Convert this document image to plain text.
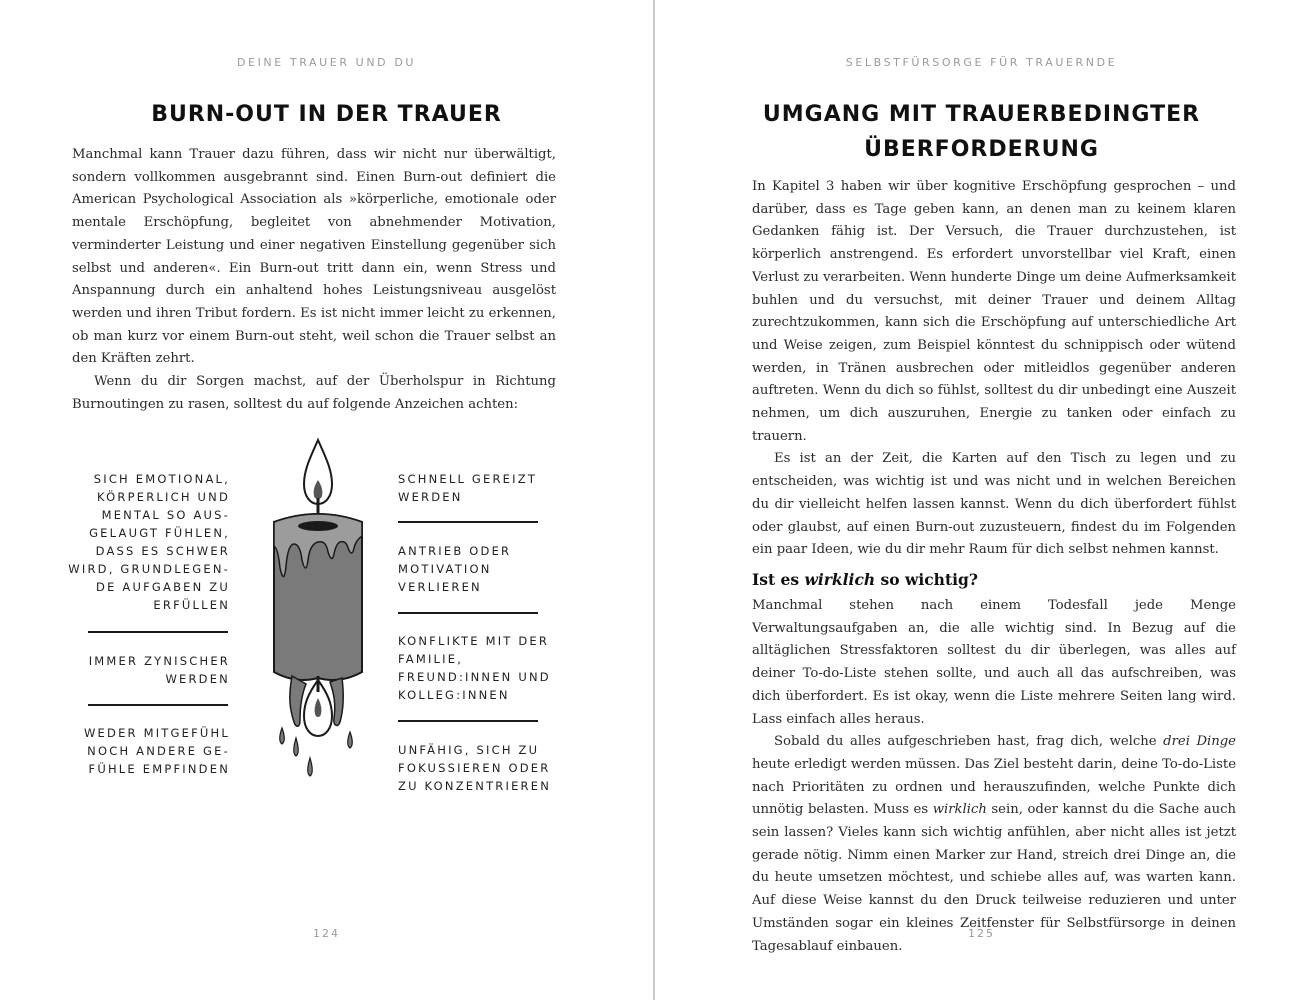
DEINE TRAUER UND DU
BURN-OUT IN DER TRAUER

Manchmal kann Trauer dazu führen, dass wir nicht nur überwältigt, sondern vollkommen ausgebrannt sind. Einen Burn-out definiert die American Psychological Association als »körperliche, emotionale oder mentale Erschöpfung, begleitet von abnehmender Motivation, verminderter Leistung und einer negativen Einstellung gegenüber sich selbst und anderen«. Ein Burn-out tritt dann ein, wenn Stress und Anspannung durch ein anhaltend hohes Leistungsniveau ausgelöst werden und ihren Tribut fordern. Es ist nicht immer leicht zu erkennen, ob man kurz vor einem Burn-out steht, weil schon die Trauer selbst an den Kräften zehrt.

Wenn du dir Sorgen machst, auf der Überholspur in Richtung Burnoutingen zu rasen, solltest du auf folgende Anzeichen achten:

SICH EMOTIONAL, KÖRPERLICH UND MENTAL SO AUS-GELAUGT FÜHLEN, DASS ES SCHWER WIRD, GRUNDLEGEN-DE AUFGABEN ZU ERFÜLLEN
IMMER ZYNISCHER WERDEN
WEDER MITGEFÜHL NOCH ANDERE GE-FÜHLE EMPFINDEN
SCHNELL GEREIZT WERDEN
ANTRIEB ODER MOTIVATION VERLIEREN
KONFLIKTE MIT DER FAMILIE, FREUND:INNEN UND KOLLEG:INNEN
UNFÄHIG, SICH ZU FOKUSSIEREN ODER ZU KONZENTRIEREN
124
SELBSTFÜRSORGE FÜR TRAUERNDE
UMGANG MIT TRAUERBEDINGTER
ÜBERFORDERUNG

In Kapitel 3 haben wir über kognitive Erschöpfung gesprochen – und darüber, dass es Tage geben kann, an denen man zu keinem klaren Gedanken fähig ist. Der Versuch, die Trauer durchzustehen, ist körperlich anstrengend. Es erfordert unvorstellbar viel Kraft, einen Verlust zu verarbeiten. Wenn hunderte Dinge um deine Aufmerksamkeit buhlen und du versuchst, mit deiner Trauer und deinem Alltag zurechtzukommen, kann sich die Erschöpfung auf unterschiedliche Art und Weise zeigen, zum Beispiel könntest du schnippisch oder wütend werden, in Tränen ausbrechen oder mitleidlos gegenüber anderen auftreten. Wenn du dich so fühlst, solltest du dir unbedingt eine Auszeit nehmen, um dich auszuruhen, Energie zu tanken oder einfach zu trauern.

Es ist an der Zeit, die Karten auf den Tisch zu legen und zu entscheiden, was wichtig ist und was nicht und in welchen Bereichen du dir vielleicht helfen lassen kannst. Wenn du dich überfordert fühlst oder glaubst, auf einen Burn-out zuzusteuern, findest du im Folgenden ein paar Ideen, wie du dir mehr Raum für dich selbst nehmen kannst.

Ist es wirklich so wichtig?

Manchmal stehen nach einem Todesfall jede Menge Verwaltungsaufgaben an, die alle wichtig sind. In Bezug auf die alltäglichen Stressfaktoren solltest du dir überlegen, was alles auf deiner To-do-Liste stehen sollte, und auch all das aufschreiben, was dich überfordert. Es ist okay, wenn die Liste mehrere Seiten lang wird. Lass einfach alles heraus.

Sobald du alles aufgeschrieben hast, frag dich, welche drei Dinge heute erledigt werden müssen. Das Ziel besteht darin, deine To-do-Liste nach Prioritäten zu ordnen und herauszufinden, welche Punkte dich unnötig belasten. Muss es wirklich sein, oder kannst du die Sache auch sein lassen? Vieles kann sich wichtig anfühlen, aber nicht alles ist jetzt gerade nötig. Nimm einen Marker zur Hand, streich drei Dinge an, die du heute umsetzen möchtest, und schiebe alles auf, was warten kann. Auf diese Weise kannst du den Druck teilweise reduzieren und unter Umständen sogar ein kleines Zeitfenster für Selbstfürsorge in deinen Tagesablauf einbauen.

125
